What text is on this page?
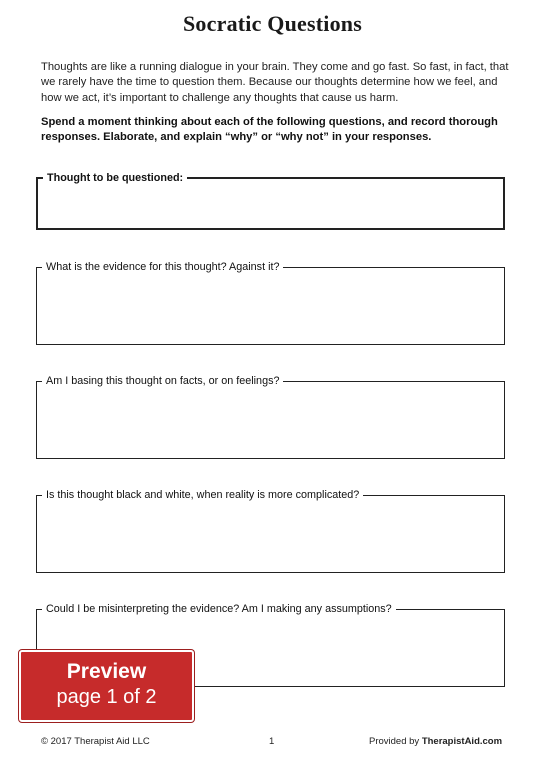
Socratic Questions
Thoughts are like a running dialogue in your brain. They come and go fast. So fast, in fact, that we rarely have the time to question them. Because our thoughts determine how we feel, and how we act, it’s important to challenge any thoughts that cause us harm.
Spend a moment thinking about each of the following questions, and record thorough responses. Elaborate, and explain “why” or “why not” in your responses.
Thought to be questioned:
What is the evidence for this thought? Against it?
Am I basing this thought on facts, or on feelings?
Is this thought black and white, when reality is more complicated?
Could I be misinterpreting the evidence? Am I making any assumptions?
Preview
page 1 of 2
© 2017 Therapist Aid LLC	1	Provided by TherapistAid.com
